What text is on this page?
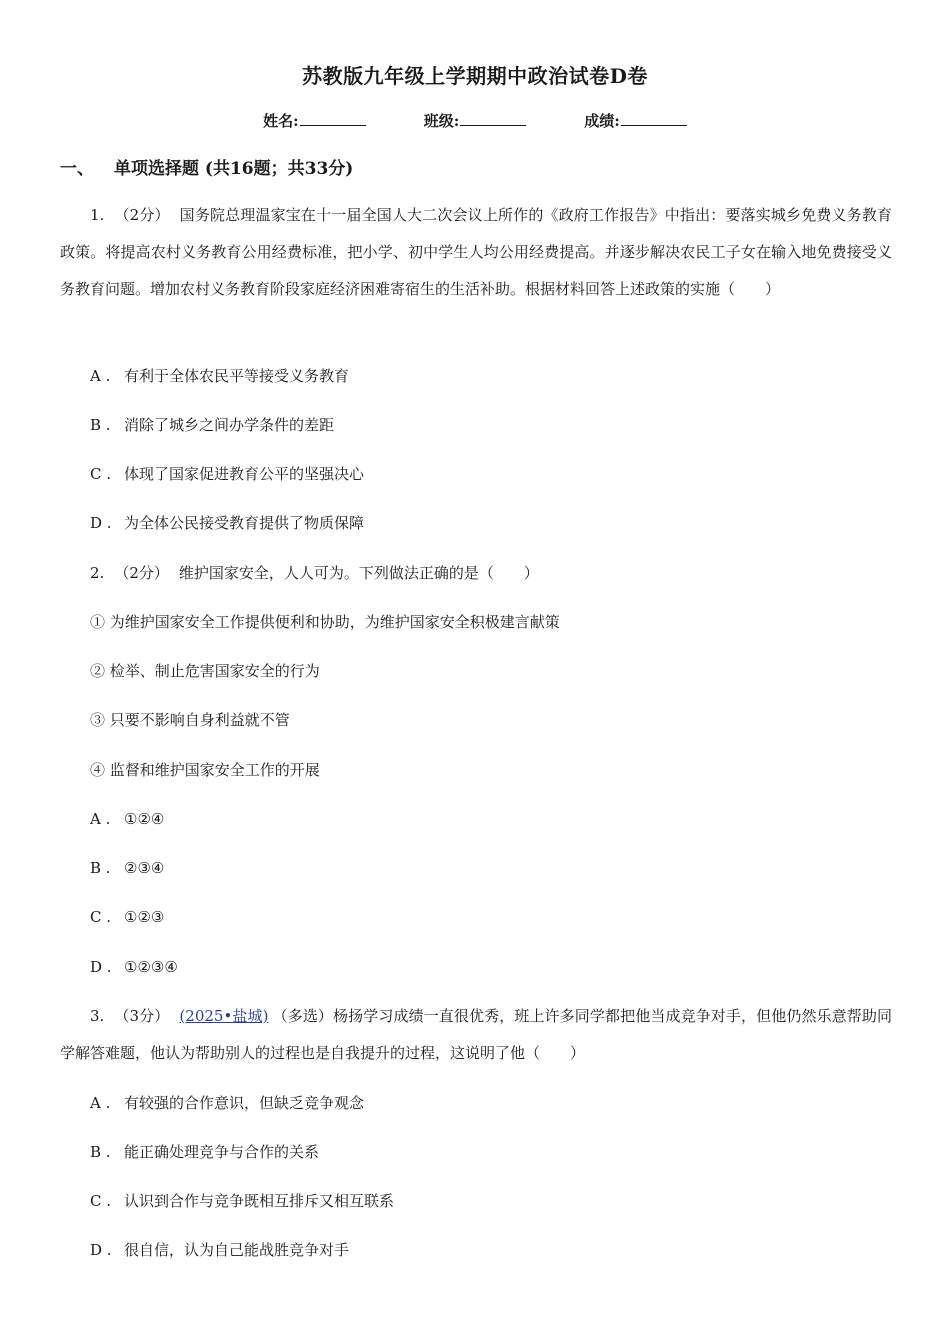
苏教版九年级上学期期中政治试卷D卷
姓名:	班级:	成绩:
一、 单项选择题 (共16题；共33分)
1. （2分） 国务院总理温家宝在十一届全国人大二次会议上所作的《政府工作报告》中指出：要落实城乡免费义务教育政策。将提高农村义务教育公用经费标准，把小学、初中学生人均公用经费提高。并逐步解决农民工子女在输入地免费接受义务教育问题。增加农村义务教育阶段家庭经济困难寄宿生的生活补助。根据材料回答上述政策的实施（　　）
A . 有利于全体农民平等接受义务教育
B . 消除了城乡之间办学条件的差距
C . 体现了国家促进教育公平的坚强决心
D . 为全体公民接受教育提供了物质保障
2. （2分） 维护国家安全，人人可为。下列做法正确的是（　　）
① 为维护国家安全工作提供便利和协助，为维护国家安全积极建言献策
② 检举、制止危害国家安全的行为
③ 只要不影响自身利益就不管
④ 监督和维护国家安全工作的开展
A . ①②④
B . ②③④
C . ①②③
D . ①②③④
3. （3分） (2025•盐城) （多选）杨扬学习成绩一直很优秀，班上许多同学都把他当成竞争对手，但他仍然乐意帮助同学解答难题，他认为帮助别人的过程也是自我提升的过程，这说明了他（　　）
A . 有较强的合作意识，但缺乏竞争观念
B . 能正确处理竞争与合作的关系
C . 认识到合作与竞争既相互排斥又相互联系
D . 很自信，认为自己能战胜竞争对手
